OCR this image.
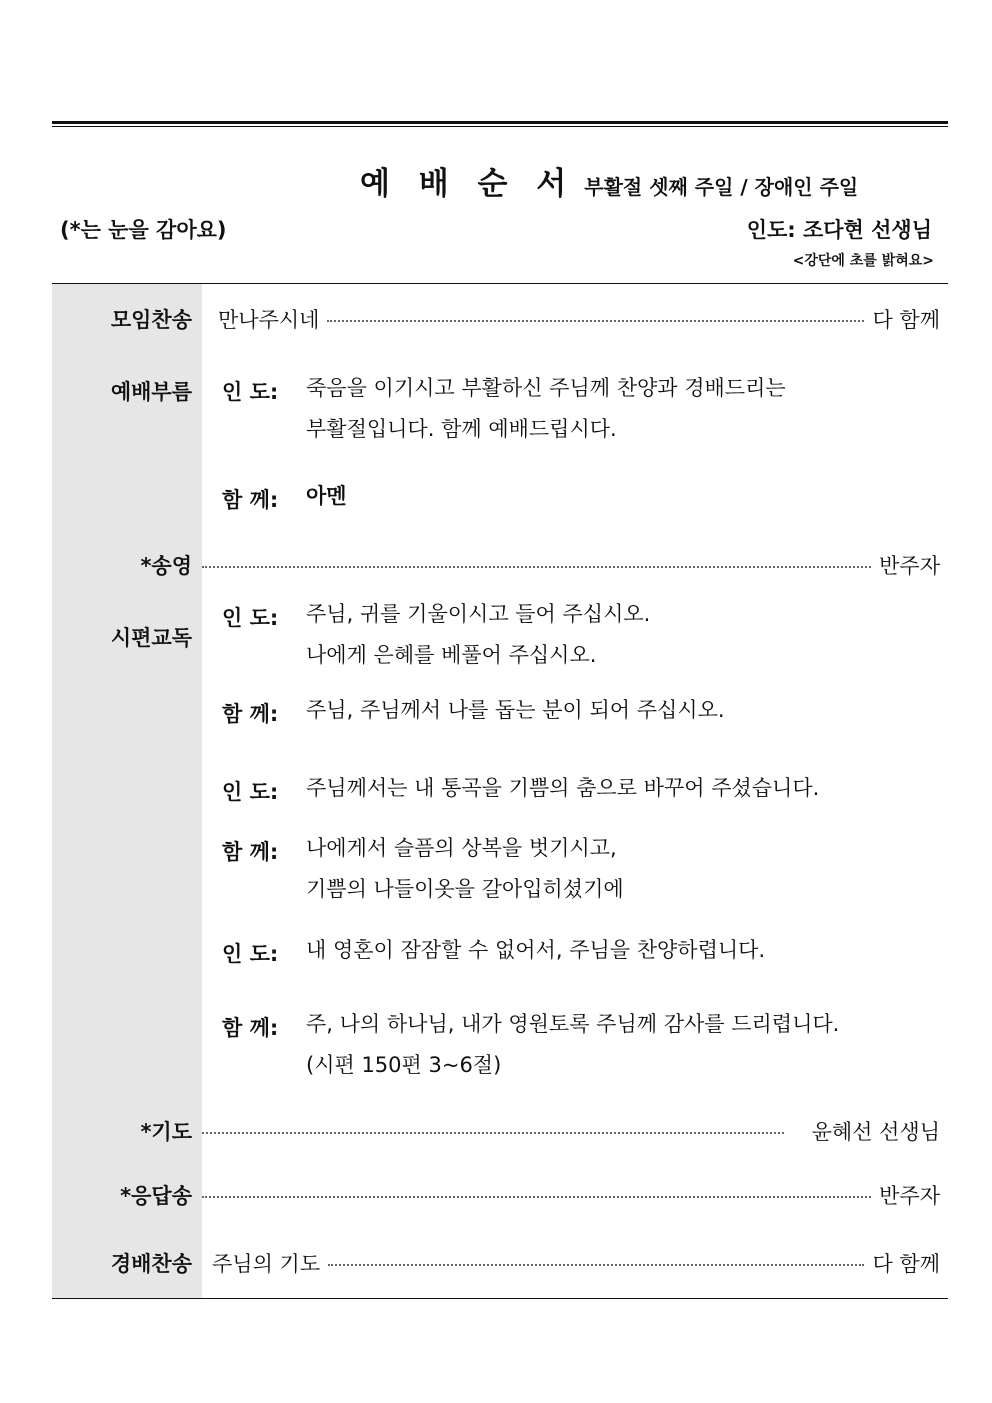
예 배 순 서 부활절 셋째 주일 / 장애인 주일
(*는 눈을 감아요)	인도: 조다현 선생님
<강단에 초를 밝혀요>
모임찬송 만나주시네	다 함께
예배부름 인 도: 죽음을 이기시고 부활하신 주님께 찬양과 경배드리는
부활절입니다. 함께 예배드립시다.
함 께: 아멘
*송영	반주자
시편교독
인 도: 주님, 귀를 기울이시고 들어 주십시오.
나에게 은혜를 베풀어 주십시오.
함 께: 주님, 주님께서 나를 돕는 분이 되어 주십시오.
인 도: 주님께서는 내 통곡을 기쁨의 춤으로 바꾸어 주셨습니다.
함 께: 나에게서 슬픔의 상복을 벗기시고,
기쁨의 나들이옷을 갈아입히셨기에
인 도: 내 영혼이 잠잠할 수 없어서, 주님을 찬양하렵니다.
함 께: 주, 나의 하나님, 내가 영원토록 주님께 감사를 드리렵니다.
(시편 150편 3~6절)
*기도	윤혜선 선생님
*응답송	반주자
경배찬송 주님의 기도	다 함께
